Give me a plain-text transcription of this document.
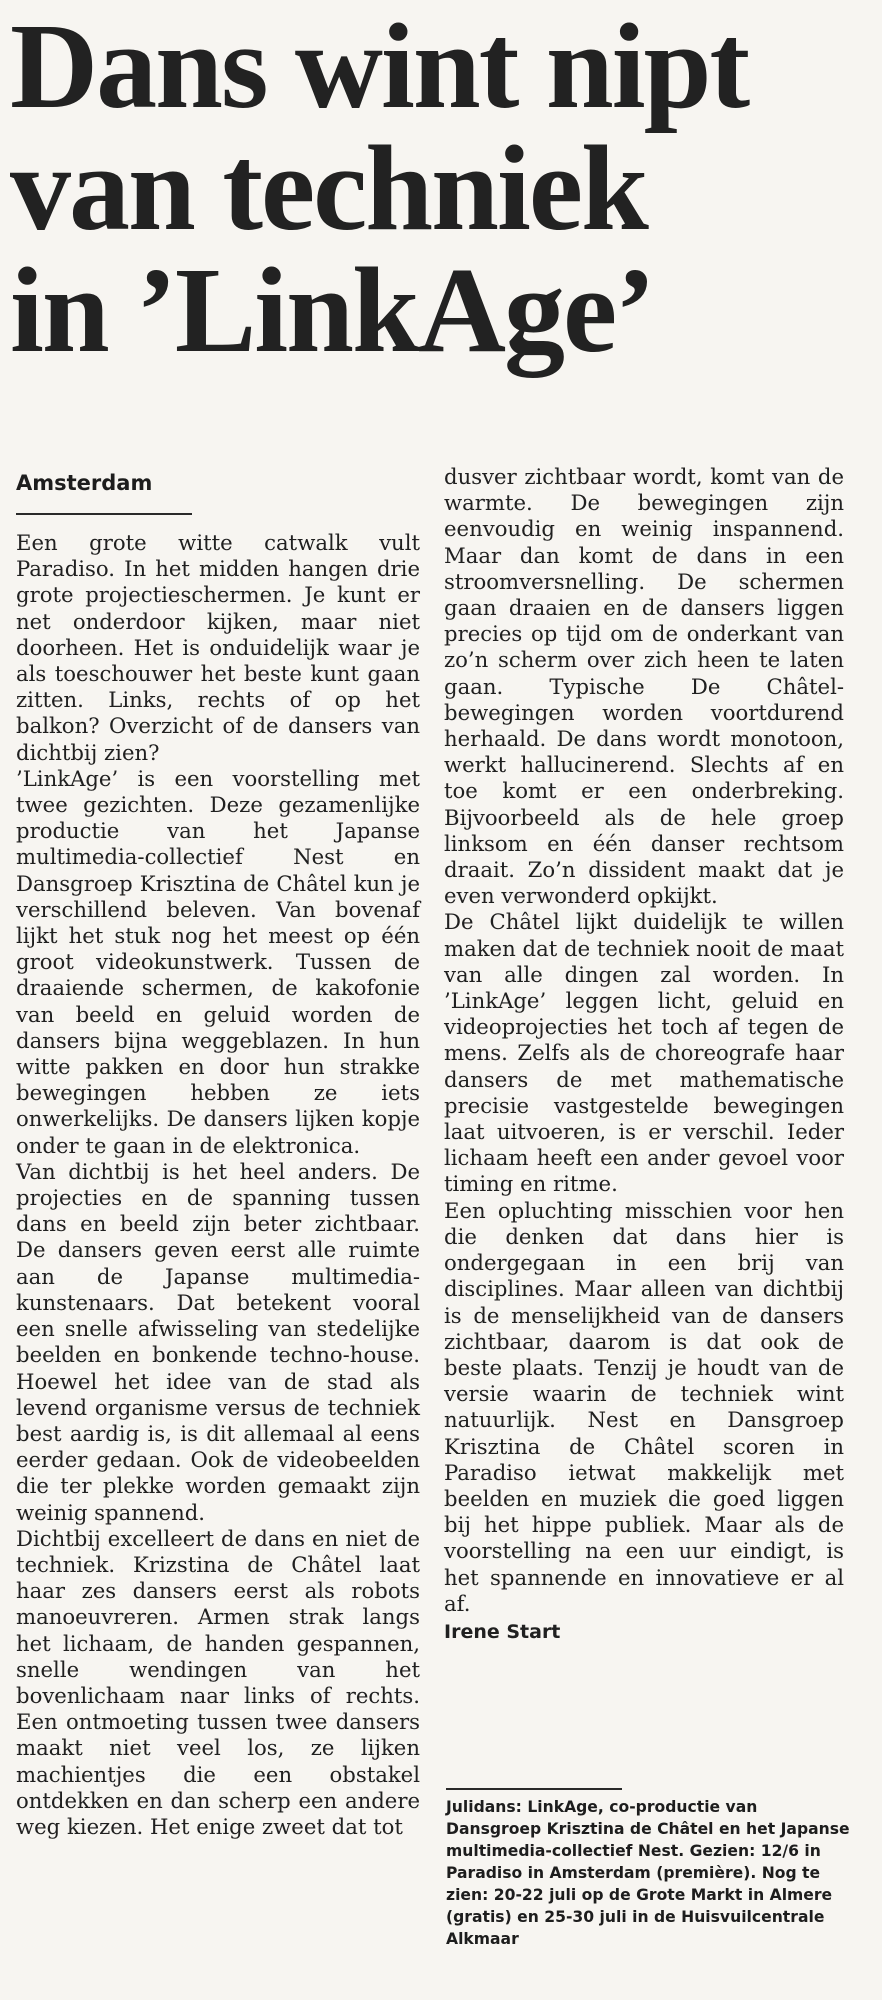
Dans wint nipt
van techniek
in ’LinkAge’
Amsterdam

Een grote witte catwalk vult Paradiso. In het midden hangen drie grote projectieschermen. Je kunt er net onderdoor kijken, maar niet doorheen. Het is onduidelijk waar je als toeschouwer het beste kunt gaan zitten. Links, rechts of op het balkon? Overzicht of de dansers van dichtbij zien?

’LinkAge’ is een voorstelling met twee gezichten. Deze gezamenlijke productie van het Japanse multimedia-collectief Nest en Dansgroep Krisztina de Châtel kun je verschillend beleven. Van bovenaf lijkt het stuk nog het meest op één groot videokunstwerk. Tussen de draaiende schermen, de kakofonie van beeld en geluid worden de dansers bijna weggeblazen. In hun witte pakken en door hun strakke bewegingen hebben ze iets onwerkelijks. De dansers lijken kopje onder te gaan in de elektronica.

Van dichtbij is het heel anders. De projecties en de spanning tussen dans en beeld zijn beter zichtbaar. De dansers geven eerst alle ruimte aan de Japanse multimedia-kunstenaars. Dat betekent vooral een snelle afwisseling van stedelijke beelden en bonkende techno-house. Hoewel het idee van de stad als levend organisme versus de techniek best aardig is, is dit allemaal al eens eerder gedaan. Ook de videobeelden die ter plekke worden gemaakt zijn weinig spannend.

Dichtbij excelleert de dans en niet de techniek. Krizstina de Châtel laat haar zes dansers eerst als robots manoeuvreren. Armen strak langs het lichaam, de handen gespannen, snelle wendingen van het bovenlichaam naar links of rechts. Een ontmoeting tussen twee dansers maakt niet veel los, ze lijken machientjes die een obstakel ontdekken en dan scherp een andere weg kiezen. Het enige zweet dat tot

dusver zichtbaar wordt, komt van de warmte. De bewegingen zijn eenvoudig en weinig inspannend. Maar dan komt de dans in een stroomversnelling. De schermen gaan draaien en de dansers liggen precies op tijd om de onderkant van zo’n scherm over zich heen te laten gaan. Typische De Châtel-bewegingen worden voortdurend herhaald. De dans wordt monotoon, werkt hallucinerend. Slechts af en toe komt er een onderbreking. Bijvoorbeeld als de hele groep linksom en één danser rechtsom draait. Zo’n dissident maakt dat je even verwonderd opkijkt.

De Châtel lijkt duidelijk te willen maken dat de techniek nooit de maat van alle dingen zal worden. In ’LinkAge’ leggen licht, geluid en videoprojecties het toch af tegen de mens. Zelfs als de choreografe haar dansers de met mathematische precisie vastgestelde bewegingen laat uitvoeren, is er verschil. Ieder lichaam heeft een ander gevoel voor timing en ritme.

Een opluchting misschien voor hen die denken dat dans hier is ondergegaan in een brij van disciplines. Maar alleen van dichtbij is de menselijkheid van de dansers zichtbaar, daarom is dat ook de beste plaats. Tenzij je houdt van de versie waarin de techniek wint natuurlijk. Nest en Dansgroep Krisztina de Châtel scoren in Paradiso ietwat makkelijk met beelden en muziek die goed liggen bij het hippe publiek. Maar als de voorstelling na een uur eindigt, is het spannende en innovatieve er al af.

Irene Start

Julidans: LinkAge, co-productie van Dansgroep Krisztina de Châtel en het Japanse multimedia-collectief Nest. Gezien: 12/6 in Paradiso in Amsterdam (première). Nog te zien: 20-22 juli op de Grote Markt in Almere (gratis) en 25-30 juli in de Huisvuilcentrale Alkmaar
